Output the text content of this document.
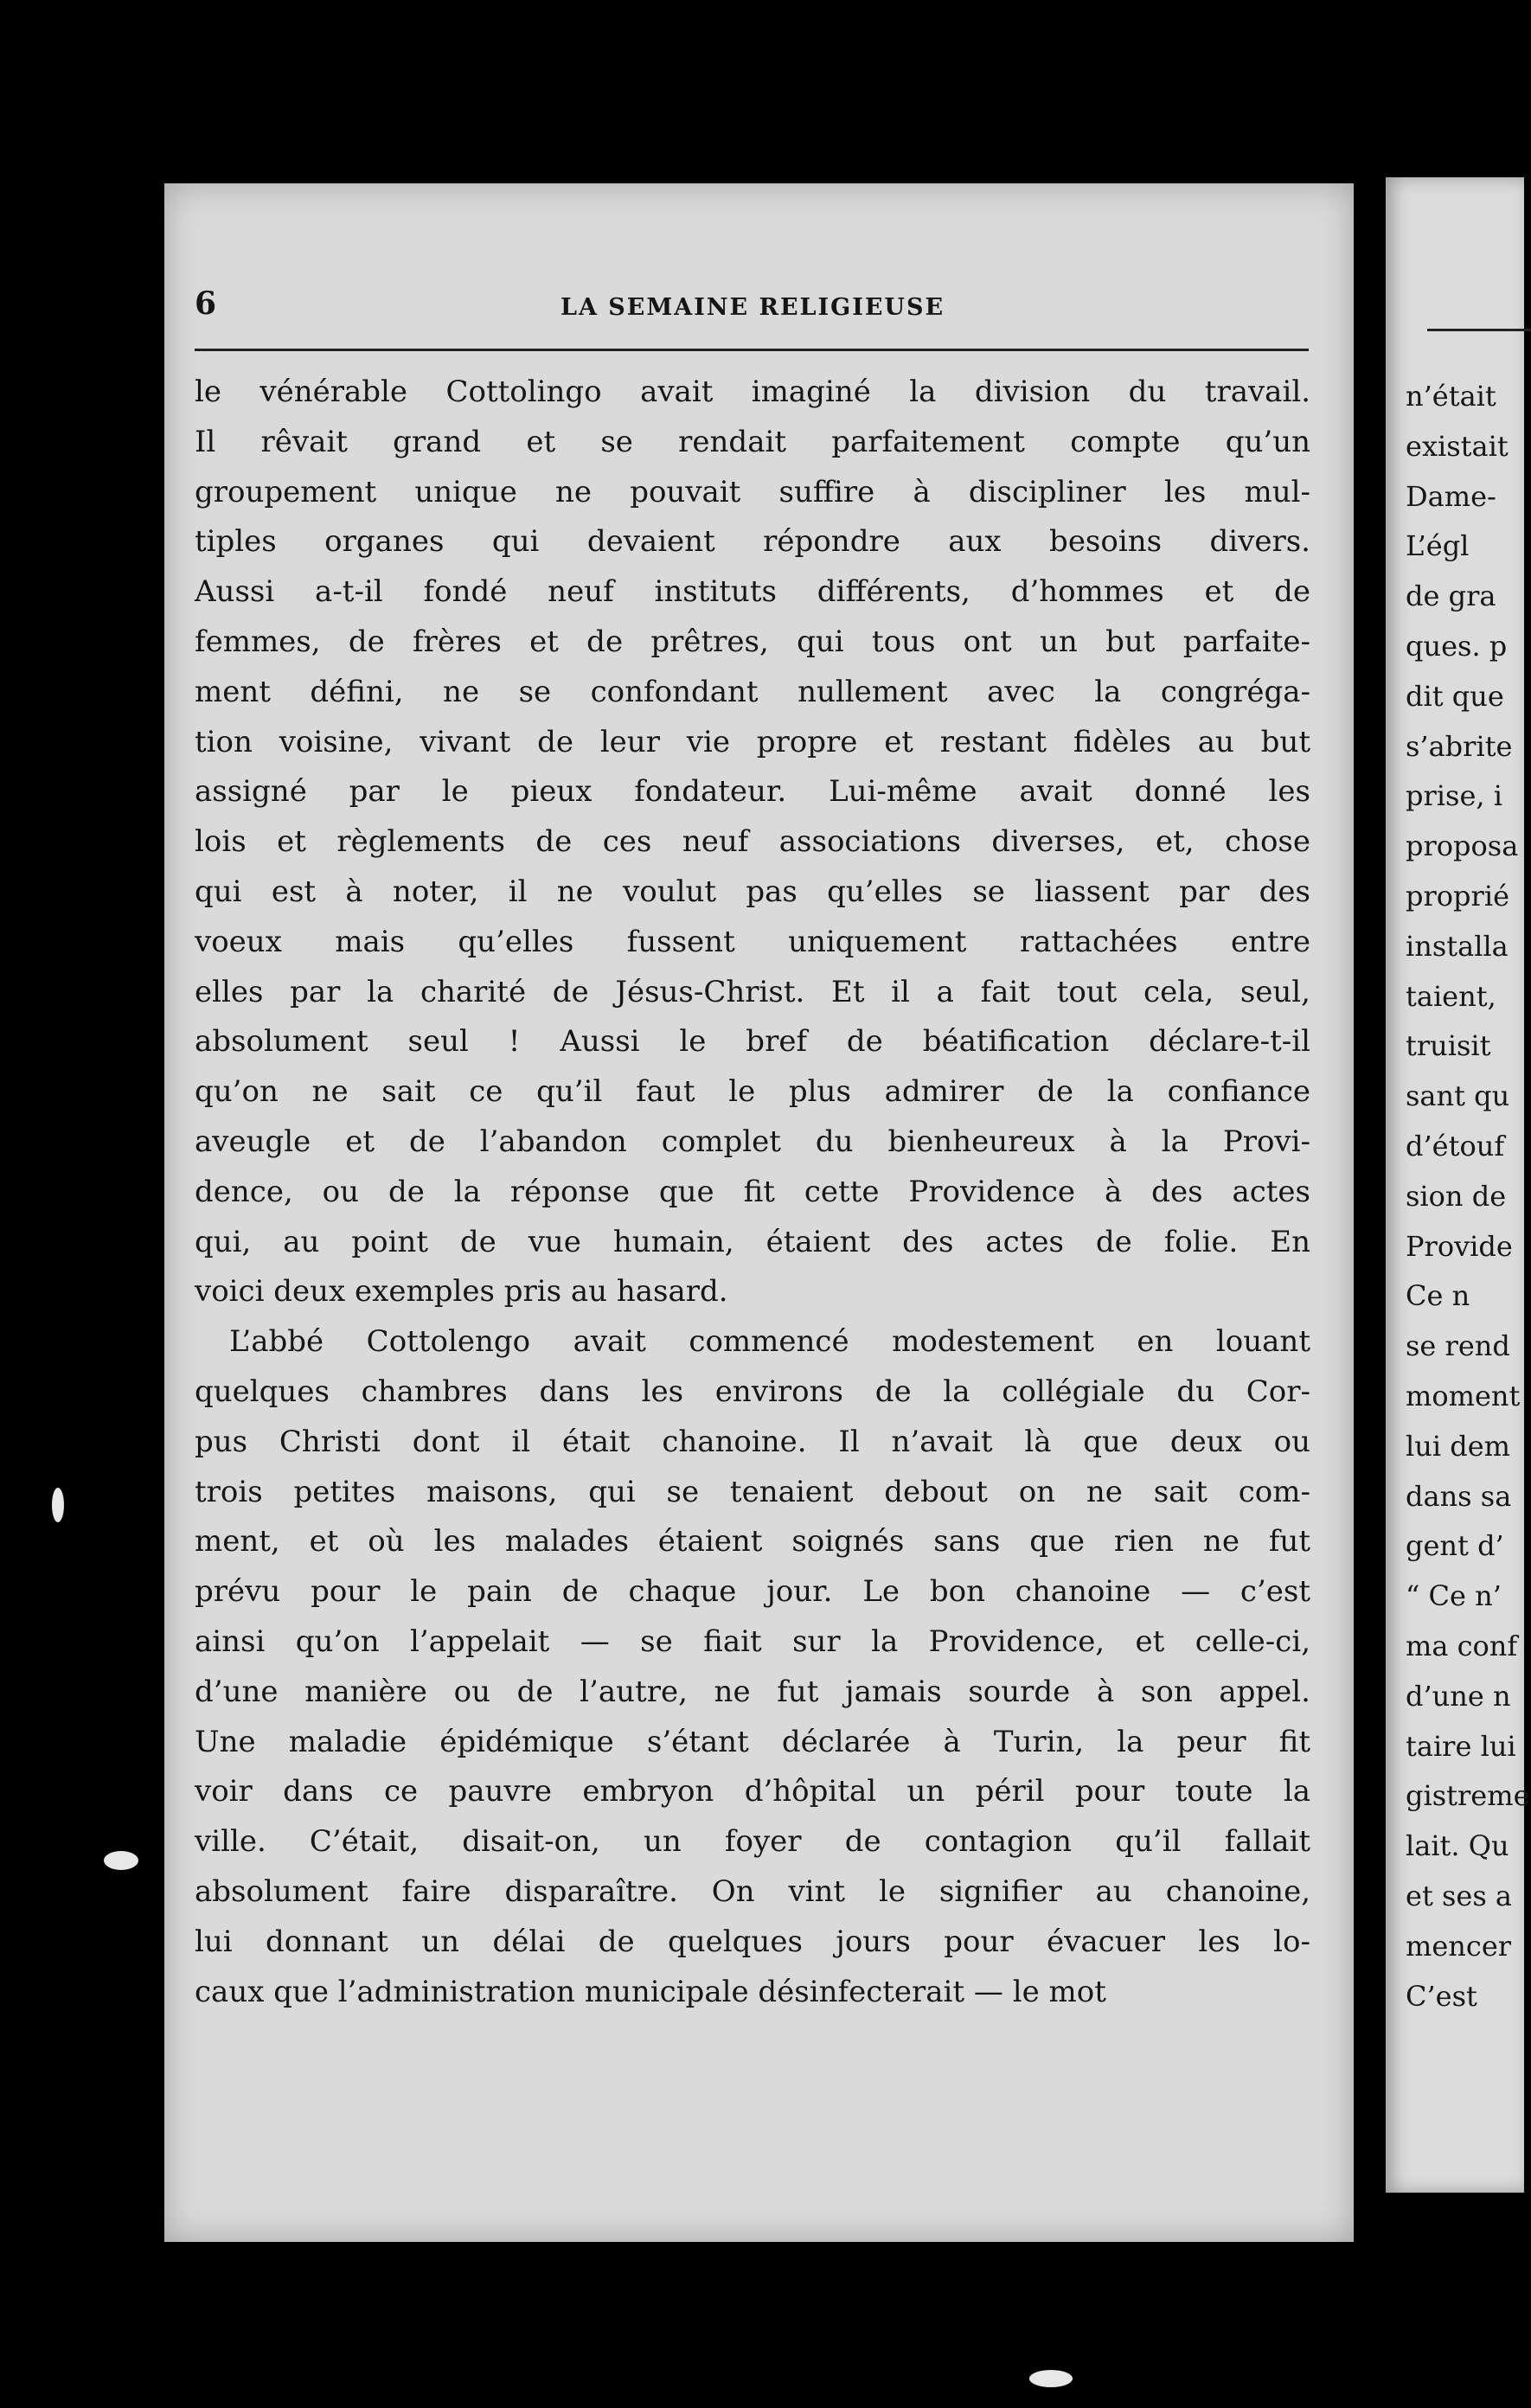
6	LA SEMAINE RELIGIEUSE
le vénérable Cottolingo avait imaginé la division du travail.
Il rêvait grand et se rendait parfaitement compte qu’un
groupement unique ne pouvait suffire à discipliner les mul-
tiples organes qui devaient répondre aux besoins divers.
Aussi a-t-il fondé neuf instituts différents, d’hommes et de
femmes, de frères et de prêtres, qui tous ont un but parfaite-
ment défini, ne se confondant nullement avec la congréga-
tion voisine, vivant de leur vie propre et restant fidèles au but
assigné par le pieux fondateur. Lui-même avait donné les
lois et règlements de ces neuf associations diverses, et, chose
qui est à noter, il ne voulut pas qu’elles se liassent par des
voeux mais qu’elles fussent uniquement rattachées entre
elles par la charité de Jésus-Christ. Et il a fait tout cela, seul,
absolument seul ! Aussi le bref de béatification déclare-t-il
qu’on ne sait ce qu’il faut le plus admirer de la confiance
aveugle et de l’abandon complet du bienheureux à la Provi-
dence, ou de la réponse que fit cette Providence à des actes
qui, au point de vue humain, étaient des actes de folie. En
voici deux exemples pris au hasard.
L’abbé Cottolengo avait commencé modestement en louant
quelques chambres dans les environs de la collégiale du Cor-
pus Christi dont il était chanoine. Il n’avait là que deux ou
trois petites maisons, qui se tenaient debout on ne sait com-
ment, et où les malades étaient soignés sans que rien ne fut
prévu pour le pain de chaque jour. Le bon chanoine — c’est
ainsi qu’on l’appelait — se fiait sur la Providence, et celle-ci,
d’une manière ou de l’autre, ne fut jamais sourde à son appel.
Une maladie épidémique s’étant déclarée à Turin, la peur fit
voir dans ce pauvre embryon d’hôpital un péril pour toute la
ville. C’était, disait-on, un foyer de contagion qu’il fallait
absolument faire disparaître. On vint le signifier au chanoine,
lui donnant un délai de quelques jours pour évacuer les lo-
caux que l’administration municipale désinfecterait — le mot
n’était
existait
Dame-
L’égl
de gra
ques. p
dit que
s’abrite
prise, i
proposa
proprié
installa
taient,
truisit
sant qu
d’étouf
sion de
Provide
Ce n
se rend
moment
lui dem
dans sa
gent d’
“ Ce n’
ma conf
d’une n
taire lui
gistreme
lait. Qu
et ses a
mencer
C’est
